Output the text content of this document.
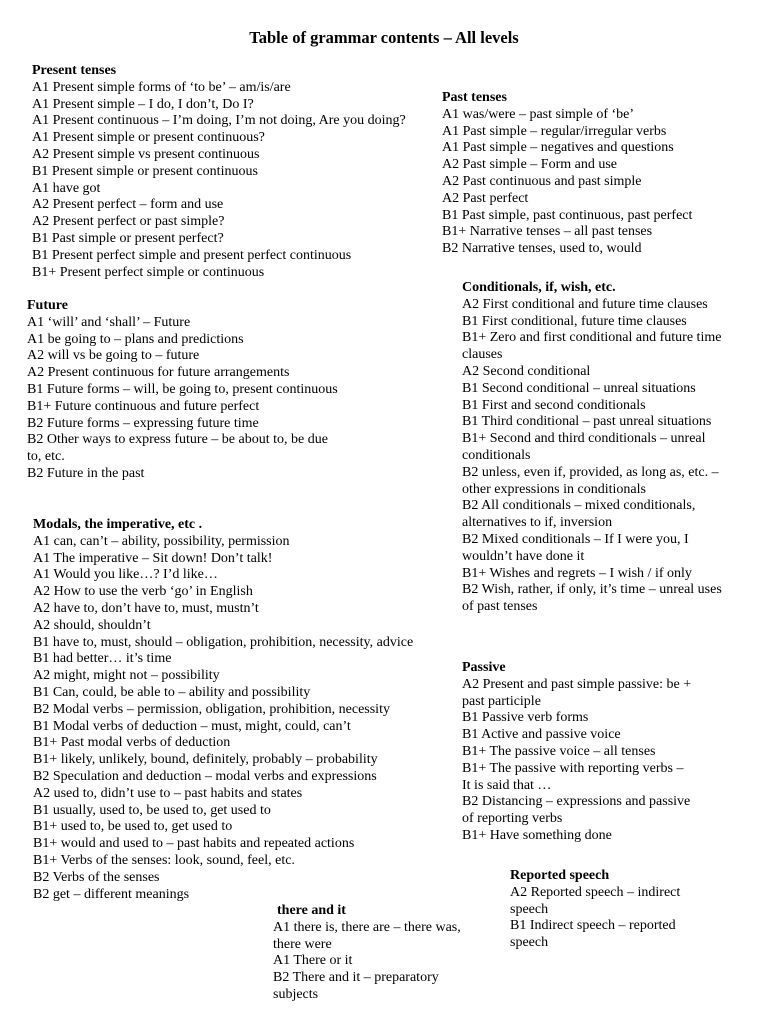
Table of grammar contents – All levels
Present tenses
A1 Present simple forms of ‘to be’ – am/is/are
A1 Present simple – I do, I don’t, Do I?
A1 Present continuous – I’m doing, I’m not doing, Are you doing?
A1 Present simple or present continuous?
A2 Present simple vs present continuous
B1 Present simple or present continuous
A1 have got
A2 Present perfect – form and use
A2 Present perfect or past simple?
B1 Past simple or present perfect?
B1 Present perfect simple and present perfect continuous
B1+ Present perfect simple or continuous
Future
A1 ‘will’ and ‘shall’ – Future
A1 be going to – plans and predictions
A2 will vs be going to – future
A2 Present continuous for future arrangements
B1 Future forms – will, be going to, present continuous
B1+ Future continuous and future perfect
B2 Future forms – expressing future time
B2 Other ways to express future – be about to, be due to, etc.
B2 Future in the past
Modals, the imperative, etc .
A1 can, can’t – ability, possibility, permission
A1 The imperative – Sit down! Don’t talk!
A1 Would you like…? I’d like…
A2 How to use the verb ‘go’ in English
A2 have to, don’t have to, must, mustn’t
A2 should, shouldn’t
B1 have to, must, should – obligation, prohibition, necessity, advice
B1 had better… it’s time
A2 might, might not – possibility
B1 Can, could, be able to – ability and possibility
B2 Modal verbs – permission, obligation, prohibition, necessity
B1 Modal verbs of deduction – must, might, could, can’t
B1+ Past modal verbs of deduction
B1+ likely, unlikely, bound, definitely, probably – probability
B2 Speculation and deduction – modal verbs and expressions
A2 used to, didn’t use to – past habits and states
B1 usually, used to, be used to, get used to
B1+ used to, be used to, get used to
B1+ would and used to – past habits and repeated actions
B1+ Verbs of the senses: look, sound, feel, etc.
B2 Verbs of the senses
B2 get – different meanings
there and it
A1 there is, there are – there was, there were
A1 There or it
B2 There and it – preparatory subjects
Past tenses
A1 was/were – past simple of ‘be’
A1 Past simple – regular/irregular verbs
A1 Past simple – negatives and questions
A2 Past simple – Form and use
A2 Past continuous and past simple
A2 Past perfect
B1 Past simple, past continuous, past perfect
B1+ Narrative tenses – all past tenses
B2 Narrative tenses, used to, would
Conditionals, if, wish, etc.
A2 First conditional and future time clauses
B1 First conditional, future time clauses
B1+ Zero and first conditional and future time clauses
A2 Second conditional
B1 Second conditional – unreal situations
B1 First and second conditionals
B1 Third conditional – past unreal situations
B1+ Second and third conditionals – unreal conditionals
B2 unless, even if, provided, as long as, etc. – other expressions in conditionals
B2 All conditionals – mixed conditionals, alternatives to if, inversion
B2 Mixed conditionals – If I were you, I wouldn’t have done it
B1+ Wishes and regrets – I wish / if only
B2 Wish, rather, if only, it’s time – unreal uses of past tenses
Passive
A2 Present and past simple passive: be + past participle
B1 Passive verb forms
B1 Active and passive voice
B1+ The passive voice – all tenses
B1+ The passive with reporting verbs – It is said that …
B2 Distancing – expressions and passive of reporting verbs
B1+ Have something done
Reported speech
A2 Reported speech – indirect speech
B1 Indirect speech – reported speech
